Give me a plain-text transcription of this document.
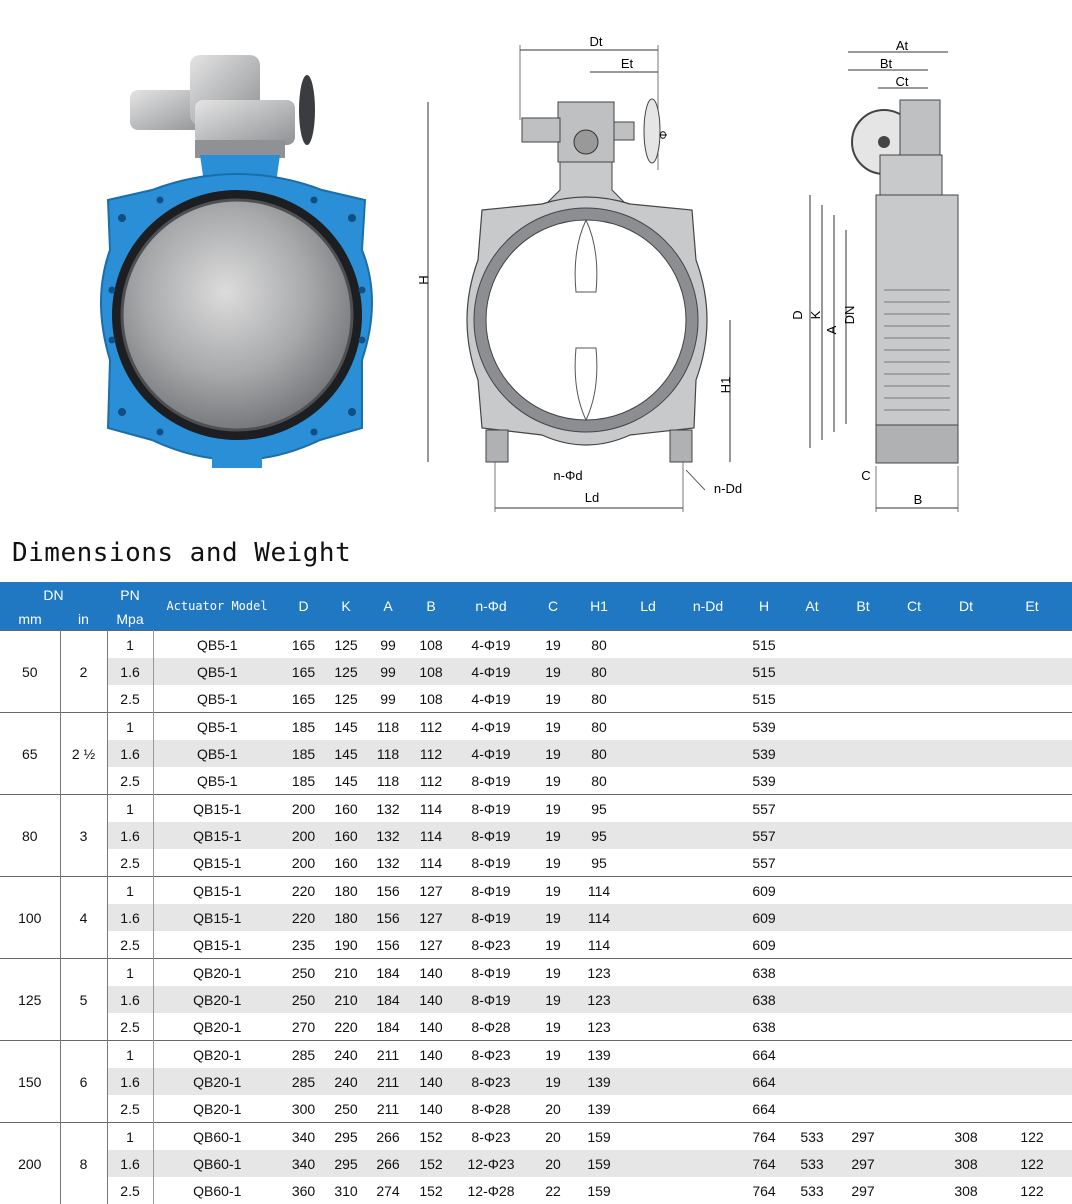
Dt
Et
H
Φ
H1
n-Φd
Ld
n-Dd
At
Bt
Ct
D K
A
DN
C
B
Dimensions and Weight
DN		PN	Actuator Model	D	K	A	B	n-Φd	C	H1	Ld	n-Dd	H	At	Bt	Ct	Dt	Et
mm	in	Mpa																
50	2	1	QB5-1	165	125	99	108	4-Φ19	19	80			515					
		1.6	QB5-1	165	125	99	108	4-Φ19	19	80			515					
		2.5	QB5-1	165	125	99	108	4-Φ19	19	80			515					
65	2 ½	1	QB5-1	185	145	118	112	4-Φ19	19	80			539					
		1.6	QB5-1	185	145	118	112	4-Φ19	19	80			539					
		2.5	QB5-1	185	145	118	112	8-Φ19	19	80			539					
80	3	1	QB15-1	200	160	132	114	8-Φ19	19	95			557					
		1.6	QB15-1	200	160	132	114	8-Φ19	19	95			557					
		2.5	QB15-1	200	160	132	114	8-Φ19	19	95			557					
100	4	1	QB15-1	220	180	156	127	8-Φ19	19	114			609					
		1.6	QB15-1	220	180	156	127	8-Φ19	19	114			609					
		2.5	QB15-1	235	190	156	127	8-Φ23	19	114			609					
125	5	1	QB20-1	250	210	184	140	8-Φ19	19	123			638					
		1.6	QB20-1	250	210	184	140	8-Φ19	19	123			638					
		2.5	QB20-1	270	220	184	140	8-Φ28	19	123			638					
150	6	1	QB20-1	285	240	211	140	8-Φ23	19	139			664					
		1.6	QB20-1	285	240	211	140	8-Φ23	19	139			664					
		2.5	QB20-1	300	250	211	140	8-Φ28	20	139			664					
200	8	1	QB60-1	340	295	266	152	8-Φ23	20	159			764	533	297		308	122
		1.6	QB60-1	340	295	266	152	12-Φ23	20	159			764	533	297		308	122
		2.5	QB60-1	360	310	274	152	12-Φ28	22	159			764	533	297		308	122
